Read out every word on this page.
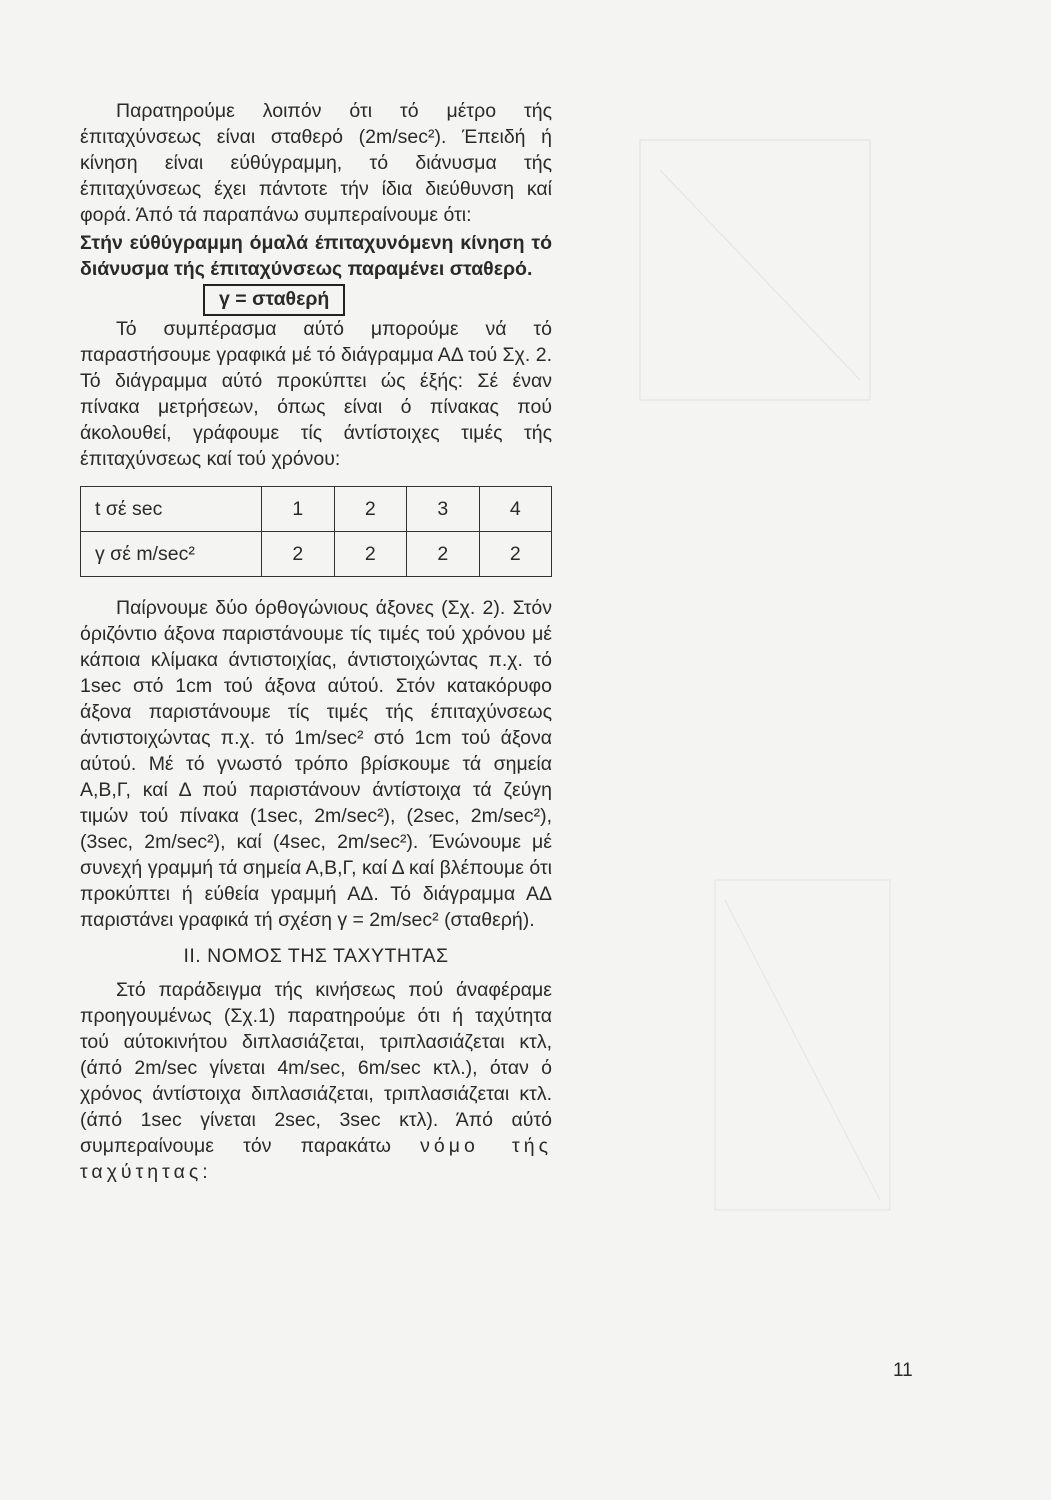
Παρατηρούμε λοιπόν ότι τό μέτρο τής έπιταχύνσεως είναι σταθερό (2m/sec²). Έπειδή ή κίνηση είναι εύθύγραμμη, τό διάνυσμα τής έπιταχύνσεως έχει πάντοτε τήν ίδια διεύθυνση καί φορά. Άπό τά παραπάνω συμπεραίνουμε ότι:

Στήν εύθύγραμμη όμαλά έπιταχυνόμενη κίνηση τό διάνυσμα τής έπιταχύνσεως παραμένει σταθερό.

γ = σταθερή

Τό συμπέρασμα αύτό μπορούμε νά τό παραστήσουμε γραφικά μέ τό διάγραμμα ΑΔ τού Σχ. 2. Τό διάγραμμα αύτό προκύπτει ώς έξής: Σέ έναν πίνακα μετρήσεων, όπως είναι ό πίνακας πού άκολουθεί, γράφουμε τίς άντίστοιχες τιμές τής έπιταχύνσεως καί τού χρόνου:

t σέ sec	1	2	3	4
γ σέ m/sec²	2	2	2	2

Παίρνουμε δύο όρθογώνιους άξονες (Σχ. 2). Στόν όριζόντιο άξονα παριστάνουμε τίς τιμές τού χρόνου μέ κάποια κλίμακα άντιστοιχίας, άντιστοιχώντας π.χ. τό 1sec στό 1cm τού άξονα αύτού. Στόν κατακόρυφο άξονα παριστάνουμε τίς τιμές τής έπιταχύνσεως άντιστοιχώντας π.χ. τό 1m/sec² στό 1cm τού άξονα αύτού. Μέ τό γνωστό τρόπο βρίσκουμε τά σημεία Α,Β,Γ, καί Δ πού παριστάνουν άντίστοιχα τά ζεύγη τιμών τού πίνακα (1sec, 2m/sec²), (2sec, 2m/sec²), (3sec, 2m/sec²), καί (4sec, 2m/sec²). Ένώνουμε μέ συνεχή γραμμή τά σημεία Α,Β,Γ, καί Δ καί βλέπουμε ότι προκύπτει ή εύθεία γραμμή ΑΔ. Τό διάγραμμα ΑΔ παριστάνει γραφικά τή σχέση γ = 2m/sec² (σταθερή).

ΙΙ. ΝΟΜΟΣ ΤΗΣ ΤΑΧΥΤΗΤΑΣ

Στό παράδειγμα τής κινήσεως πού άναφέραμε προηγουμένως (Σχ.1) παρατηρούμε ότι ή ταχύτητα τού αύτοκινήτου διπλασιάζεται, τριπλασιάζεται κτλ, (άπό 2m/sec γίνεται 4m/sec, 6m/sec κτλ.), όταν ό χρόνος άντίστοιχα διπλασιάζεται, τριπλασιάζεται κτλ. (άπό 1sec γίνεται 2sec, 3sec κτλ). Άπό αύτό συμπεραίνουμε τόν παρακάτω νόμο τής ταχύτητας:

11
